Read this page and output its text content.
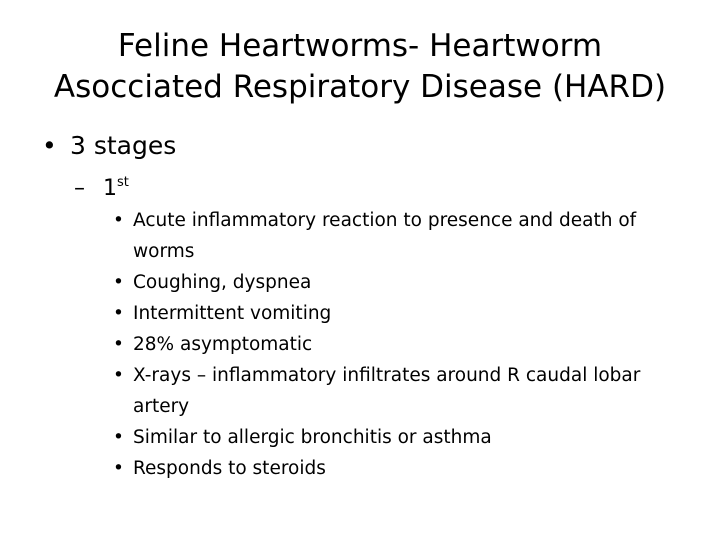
Feline Heartworms- Heartworm Asocciated Respiratory Disease (HARD)
• 3 stages
– 1st
• Acute inflammatory reaction to presence and death of worms
• Coughing, dyspnea
• Intermittent vomiting
• 28% asymptomatic
• X-rays – inflammatory infiltrates around R caudal lobar artery
• Similar to allergic bronchitis or asthma
• Responds to steroids
